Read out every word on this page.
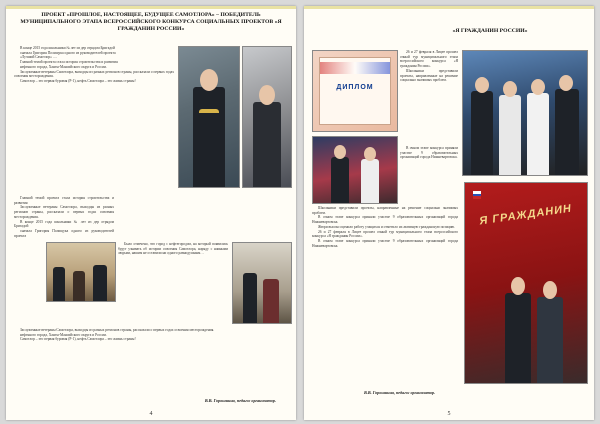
ПРОЕКТ «ПРОШЛОЕ, НАСТОЯЩЕЕ, БУДУЩЕЕ САМОТЛОРА» – ПОБЕДИТЕЛЬ МУНИЦИПАЛЬНОГО ЭТАПА ВСЕРОССИЙСКОГО КОНКУРСА СОЦИАЛЬНЫХ ПРОЕКТОВ «Я ГРАЖДАНИН РОССИИ»

В конце 2015 года школьники № лет из дер отрядом Бригадой

сначала Григория Полищука одного из руководителей проекта

«Лучший Самотлор» ….

Главной темой проекта стала история строительства и развития

нефтяного города, Ханты-Мансийского округа и России.

Заслуженные ветераны Самотлора, выходцы из разных регионов страны, рассказали о первых годах освоения месторождения.

Самотлор – это первая буровая (Р-1), нефть Самотлора – это жизнь страны!

Главной темой проекта стала история строительства и развития

Заслуженные ветераны Самотлора, выходцы из разных регионов страны, рассказали о первых годах освоения месторождения.

В конце 2015 года школьники № лет из дер отрядом Бригадой

сначала Григория Полищука одного из руководителей проекта

Было отмечено, что город с нефтегородом, на который появились будут узнавать об истории освоения Самотлора, наряду с наиными людьми, нашим не оставили ни одного равнодушным…

Заслуженные ветераны Самотлора, выходцы из разных регионов страны, рассказали о первых годах освоения месторождения.

нефтяного города, Ханты-Мансийского округа и России.

Самотлор – это первая буровая (Р-1), нефть Самотлора – это жизнь страны!

В.В. Горошнина, педагог организатор.
4
«Я ГРАЖДАНИН РОССИИ»
ДИПЛОМ

26 и 27 февраля в Лицее прошел очный тур муниципального этапа всероссийского конкурса «Я гражданин России».

Школьники представили проекты, направленные на решение социально значимых проблем.

В очном этапе конкурса приняли участие 9 образовательных организаций города Нижневартовска.

Школьники представили проекты, направленные на решение социально значимых проблем.

В очном этапе конкурса приняли участие 9 образовательных организаций города Нижневартовска.

Жюри высоко оценило работу учащихся и отметило их активную гражданскую позицию.

26 и 27 февраля в Лицее прошел очный тур муниципального этапа всероссийского конкурса «Я гражданин России».

В очном этапе конкурса приняли участие 9 образовательных организаций города Нижневартовска.

Я ГРАЖДАНИН
В.В. Горошнина, педагог организатор.
5
